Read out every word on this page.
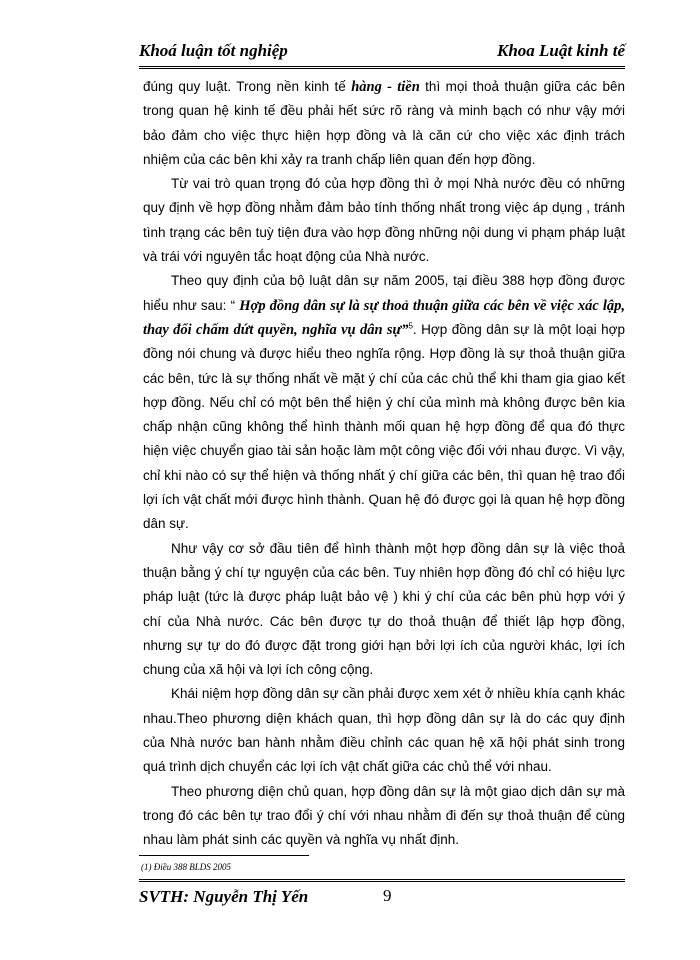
Khoá luận tốt nghiệp	Khoa Luật kinh tế

đúng quy luật. Trong nền kinh tế hàng - tiền thì mọi thoả thuận giữa các bên trong quan hệ kinh tế đều phải hết sức rõ ràng và minh bạch có như vậy mới bảo đảm cho việc thực hiện hợp đồng và là căn cứ cho việc xác định trách nhiệm của các bên khi xảy ra tranh chấp liên quan đến hợp đồng.

Từ vai trò quan trọng đó của hợp đồng thì ở mọi Nhà nước đều có những quy định về hợp đồng nhằm đảm bảo tính thống nhất trong việc áp dụng , tránh tình trạng các bên tuỳ tiện đưa vào hợp đồng những nội dung vi phạm pháp luật và trái với nguyên tắc hoạt động của Nhà nước.

Theo quy định của bộ luật dân sự năm 2005, tại điều 388 hợp đồng được hiểu như sau: “ Hợp đồng dân sự là sự thoả thuận giữa các bên về việc xác lập, thay đổi chấm dứt quyền, nghĩa vụ dân sự”$^5$. Hợp đồng dân sự là một loại hợp đồng nói chung và được hiểu theo nghĩa rộng. Hợp đồng là sự thoả thuận giữa các bên, tức là sự thống nhất về mặt ý chí của các chủ thể khi tham gia giao kết hợp đồng. Nếu chỉ có một bên thể hiện ý chí của mình mà không được bên kia chấp nhận cũng không thể hình thành mối quan hệ hợp đồng để qua đó thực hiện việc chuyển giao tài sản hoặc làm một công việc đối với nhau được. Vì vậy, chỉ khi nào có sự thể hiện và thống nhất ý chí giữa các bên, thì quan hệ trao đổi lợi ích vật chất mới được hình thành. Quan hệ đó được gọi là quan hệ hợp đồng dân sự.

Như vậy cơ sở đầu tiên để hình thành một hợp đồng dân sự là việc thoả thuận bằng ý chí tự nguyện của các bên. Tuy nhiên hợp đồng đó chỉ có hiệu lực pháp luật (tức là được pháp luật bảo vệ ) khi ý chí của các bên phù hợp với ý chí của Nhà nước. Các bên được tự do thoả thuận để thiết lập hợp đồng, nhưng sự tự do đó được đặt trong giới hạn bởi lợi ích của người khác, lợi ích chung của xã hội và lợi ích công cộng.

Khái niệm hợp đồng dân sự cần phải được xem xét ở nhiều khía cạnh khác nhau.Theo phương diện khách quan, thì hợp đồng dân sự là do các quy định của Nhà nước ban hành nhằm điều chỉnh các quan hệ xã hội phát sinh trong quá trình dịch chuyển các lợi ích vật chất giữa các chủ thể với nhau.

Theo phương diện chủ quan, hợp đồng dân sự là một giao dịch dân sự mà trong đó các bên tự trao đổi ý chí với nhau nhằm đi đến sự thoả thuận để cùng nhau làm phát sinh các quyền và nghĩa vụ nhất định.

(1) Điều 388 BLDS 2005
SVTH: Nguyễn Thị Yến	9
